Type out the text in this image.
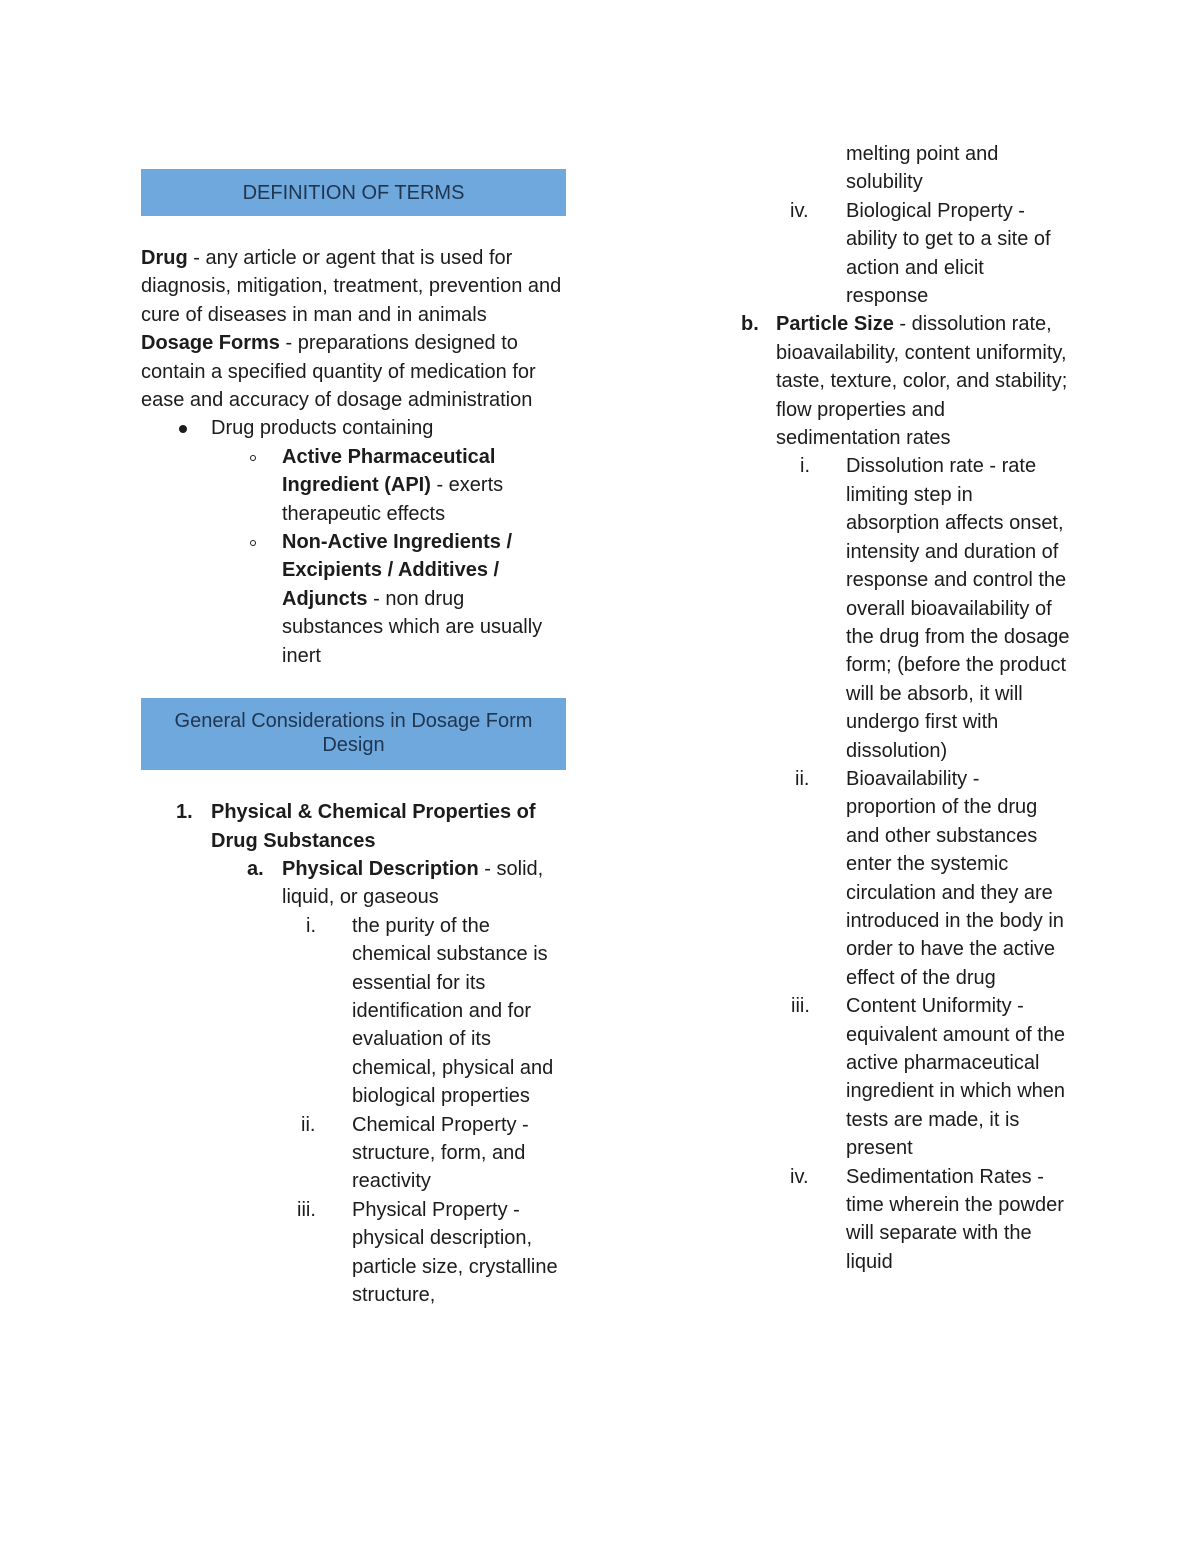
DEFINITION OF TERMS

Drug - any article or agent that is used for diagnosis, mitigation, treatment, prevention and cure of diseases in man and in animals

Dosage Forms - preparations designed to contain a specified quantity of medication for ease and accuracy of dosage administration

Drug products containing
Active Pharmaceutical Ingredient (API) - exerts therapeutic effects
Non-Active Ingredients / Excipients / Additives / Adjuncts - non drug substances which are usually inert
General Considerations in Dosage Form Design
1. Physical & Chemical Properties of Drug Substances
a. Physical Description - solid, liquid, or gaseous
i. the purity of the chemical substance is essential for its identification and for evaluation of its chemical, physical and biological properties
ii. Chemical Property - structure, form, and reactivity
iii. Physical Property - physical description, particle size, crystalline structure,
melting point and solubility
iv. Biological Property - ability to get to a site of action and elicit response
b. Particle Size - dissolution rate, bioavailability, content uniformity, taste, texture, color, and stability; flow properties and sedimentation rates
i. Dissolution rate - rate limiting step in absorption affects onset, intensity and duration of response and control the overall bioavailability of the drug from the dosage form; (before the product will be absorb, it will undergo first with dissolution)
ii. Bioavailability - proportion of the drug and other substances enter the systemic circulation and they are introduced in the body in order to have the active effect of the drug
iii. Content Uniformity - equivalent amount of the active pharmaceutical ingredient in which when tests are made, it is present
iv. Sedimentation Rates - time wherein the powder will separate with the liquid
